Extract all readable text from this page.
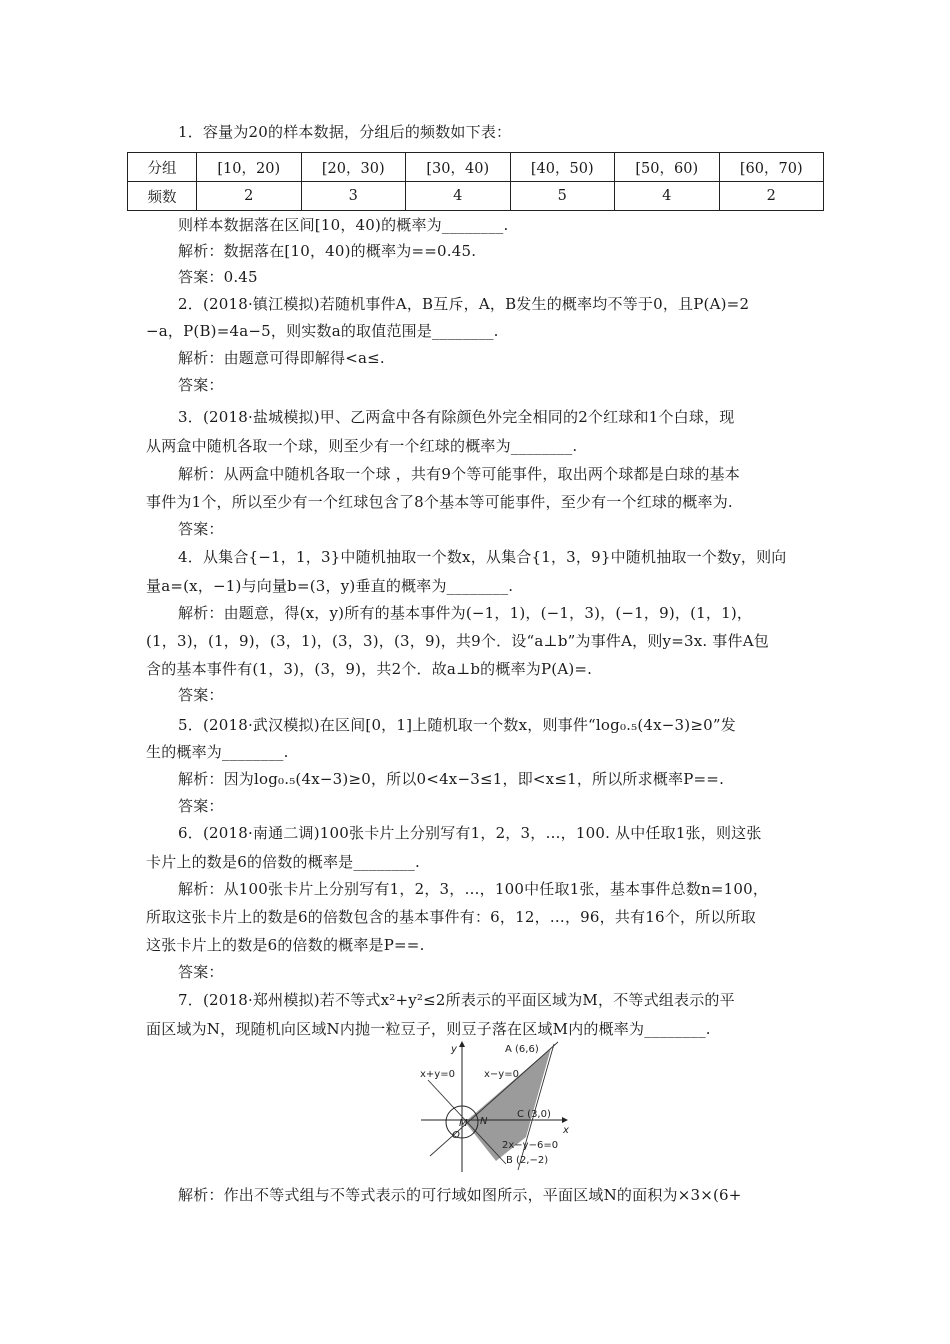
1．容量为20的样本数据，分组后的频数如下表：
分组	[10，20)	[20，30)	[30，40)	[40，50)	[50，60)	[60，70)
频数	2	3	4	5	4	2
则样本数据落在区间[10，40)的概率为________.
解析：数据落在[10，40)的概率为==0.45.
答案：0.45
2．(2018·镇江模拟)若随机事件A，B互斥，A，B发生的概率均不等于0，且P(A)=2
−a，P(B)=4a−5，则实数a的取值范围是________.
解析：由题意可得即解得<a≤.
答案：
3．(2018·盐城模拟)甲、乙两盒中各有除颜色外完全相同的2个红球和1个白球，现
从两盒中随机各取一个球，则至少有一个红球的概率为________.
解析：从两盒中随机各取一个球 ，共有9个等可能事件，取出两个球都是白球的基本
事件为1个，所以至少有一个红球包含了8个基本等可能事件，至少有一个红球的概率为.
答案：
4．从集合{−1，1，3}中随机抽取一个数x，从集合{1，3，9}中随机抽取一个数y，则向
量a=(x，−1)与向量b=(3，y)垂直的概率为________.
解析：由题意，得(x，y)所有的基本事件为(−1，1)，(−1，3)，(−1，9)，(1，1)，
(1，3)，(1，9)，(3，1)，(3，3)，(3，9)，共9个．设“a⊥b”为事件A，则y=3x. 事件A包
含的基本事件有(1，3)，(3，9)，共2个．故a⊥b的概率为P(A)=.
答案：
5．(2018·武汉模拟)在区间[0，1]上随机取一个数x，则事件“log₀.₅(4x−3)≥0”发
生的概率为________.
解析：因为log₀.₅(4x−3)≥0，所以0<4x−3≤1，即<x≤1，所以所求概率P==.
答案：
6．(2018·南通二调)100张卡片上分别写有1，2，3，…，100. 从中任取1张，则这张
卡片上的数是6的倍数的概率是________.
解析：从100张卡片上分别写有1，2，3，…，100中任取1张，基本事件总数n=100，
所取这张卡片上的数是6的倍数包含的基本事件有：6，12，…，96，共有16个，所以所取
这张卡片上的数是6的倍数的概率是P==.
答案：
7．(2018·郑州模拟)若不等式x²+y²≤2所表示的平面区域为M，不等式组表示的平
面区域为N，现随机向区域N内抛一粒豆子，则豆子落在区域M内的概率为________.
y
x
O
M N
A (6,6)
C (3,0)
B (2,−2)
x+y=0	x−y=0
2x−y−6=0
解析：作出不等式组与不等式表示的可行域如图所示，平面区域N的面积为×3×(6+
